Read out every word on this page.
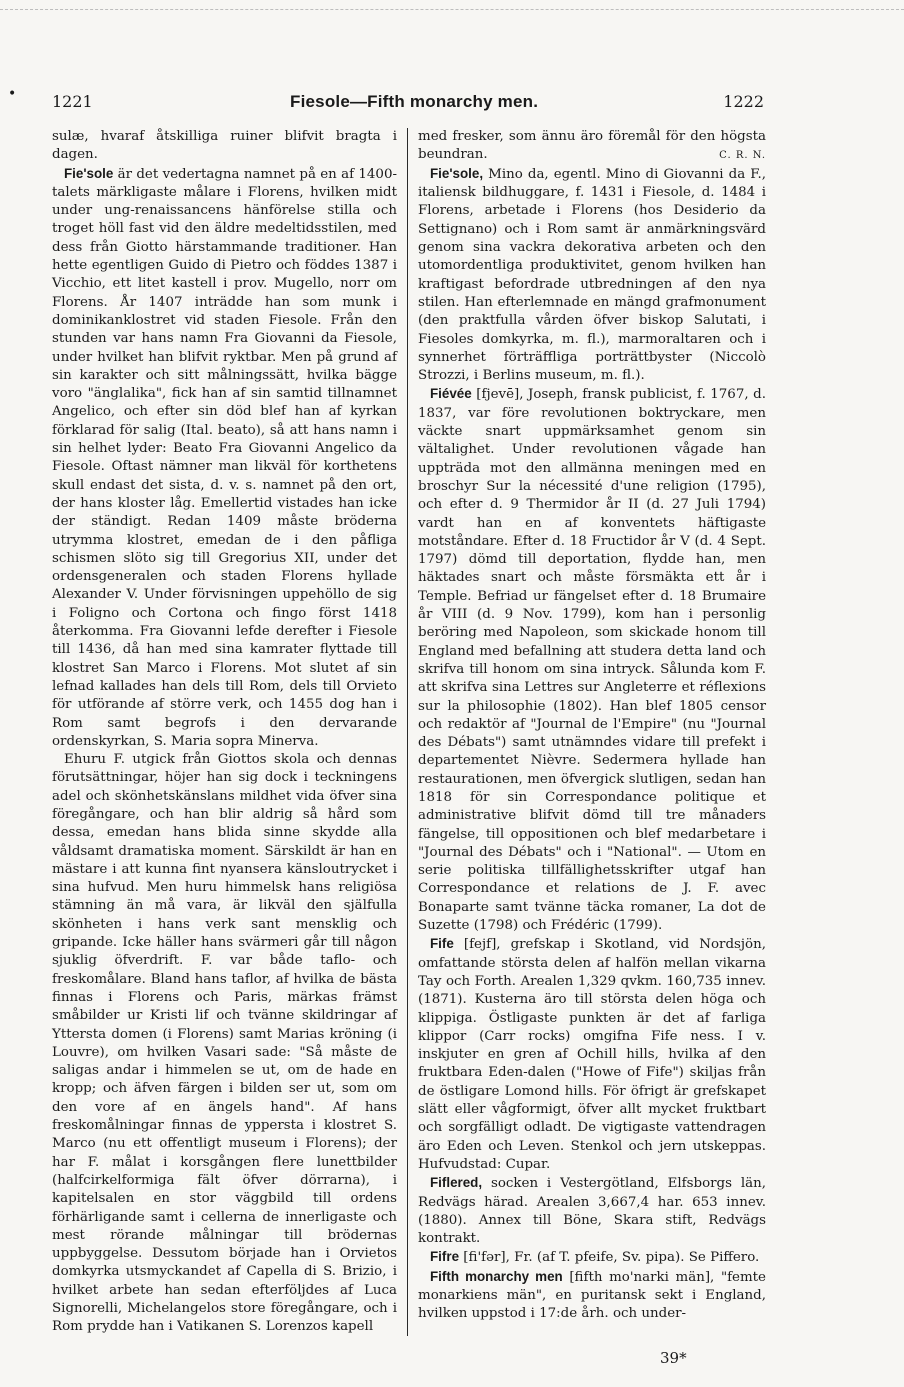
• 1221	Fiesole—Fifth monarchy men.	1222

sulæ, hvaraf åtskilliga ruiner blifvit bragta i dagen.

Fie'sole är det vedertagna namnet på en af 1400-talets märkligaste målare i Florens, hvilken midt under ung-renaissancens hänförelse stilla och troget höll fast vid den äldre medeltidsstilen, med dess från Giotto härstammande traditioner. Han hette egentligen Guido di Pietro och föddes 1387 i Vicchio, ett litet kastell i prov. Mugello, norr om Florens. År 1407 inträdde han som munk i dominikanklostret vid staden Fiesole. Från den stunden var hans namn Fra Giovanni da Fiesole, under hvilket han blifvit ryktbar. Men på grund af sin karakter och sitt målningssätt, hvilka bägge voro "änglalika", fick han af sin samtid tillnamnet Angelico, och efter sin död blef han af kyrkan förklarad för salig (Ital. beato), så att hans namn i sin helhet lyder: Beato Fra Giovanni Angelico da Fiesole. Oftast nämner man likväl för korthetens skull endast det sista, d. v. s. namnet på den ort, der hans kloster låg. Emellertid vistades han icke der ständigt. Redan 1409 måste bröderna utrymma klostret, emedan de i den påfliga schismen slöto sig till Gregorius XII, under det ordensgeneralen och staden Florens hyllade Alexander V. Under förvisningen uppehöllo de sig i Foligno och Cortona och fingo först 1418 återkomma. Fra Giovanni lefde derefter i Fiesole till 1436, då han med sina kamrater flyttade till klostret San Marco i Florens. Mot slutet af sin lefnad kallades han dels till Rom, dels till Orvieto för utförande af större verk, och 1455 dog han i Rom samt begrofs i den dervarande ordenskyrkan, S. Maria sopra Minerva.

Ehuru F. utgick från Giottos skola och dennas förutsättningar, höjer han sig dock i teckningens adel och skönhetskänslans mildhet vida öfver sina föregångare, och han blir aldrig så hård som dessa, emedan hans blida sinne skydde alla våldsamt dramatiska moment. Särskildt är han en mästare i att kunna fint nyansera känsloutrycket i sina hufvud. Men huru himmelsk hans religiösa stämning än må vara, är likväl den själfulla skönheten i hans verk sant mensklig och gripande. Icke häller hans svärmeri går till någon sjuklig öfverdrift. F. var både taflo- och freskomålare. Bland hans taflor, af hvilka de bästa finnas i Florens och Paris, märkas främst småbilder ur Kristi lif och tvänne skildringar af Yttersta domen (i Florens) samt Marias kröning (i Louvre), om hvilken Vasari sade: "Så måste de saligas andar i himmelen se ut, om de hade en kropp; och äfven färgen i bilden ser ut, som om den vore af en ängels hand". Af hans freskomålningar finnas de yppersta i klostret S. Marco (nu ett offentligt museum i Florens); der har F. målat i korsgången flere lunettbilder (halfcirkelformiga fält öfver dörrarna), i kapitelsalen en stor väggbild till ordens förhärligande samt i cellerna de innerligaste och mest rörande målningar till brödernas uppbyggelse. Dessutom började han i Orvietos domkyrka utsmyckandet af Capella di S. Brizio, i hvilket arbete han sedan efterföljdes af Luca Signorelli, Michelangelos store föregångare, och i Rom prydde han i Vatikanen S. Lorenzos kapell

med fresker, som ännu äro föremål för den högsta beundran.	C. R. N.

Fie'sole, Mino da, egentl. Mino di Giovanni da F., italiensk bildhuggare, f. 1431 i Fiesole, d. 1484 i Florens, arbetade i Florens (hos Desiderio da Settignano) och i Rom samt är anmärkningsvärd genom sina vackra dekorativa arbeten och den utomordentliga produktivitet, genom hvilken han kraftigast befordrade utbredningen af den nya stilen. Han efterlemnade en mängd grafmonument (den praktfulla vården öfver biskop Salutati, i Fiesoles domkyrka, m. fl.), marmoraltaren och i synnerhet förträffliga porträttbyster (Niccolò Strozzi, i Berlins museum, m. fl.).

Fiévée [fjevē], Joseph, fransk publicist, f. 1767, d. 1837, var före revolutionen boktryckare, men väckte snart uppmärksamhet genom sin vältalighet. Under revolutionen vågade han uppträda mot den allmänna meningen med en broschyr Sur la nécessité d'une religion (1795), och efter d. 9 Thermidor år II (d. 27 Juli 1794) vardt han en af konventets häftigaste motståndare. Efter d. 18 Fructidor år V (d. 4 Sept. 1797) dömd till deportation, flydde han, men häktades snart och måste försmäkta ett år i Temple. Befriad ur fängelset efter d. 18 Brumaire år VIII (d. 9 Nov. 1799), kom han i personlig beröring med Napoleon, som skickade honom till England med befallning att studera detta land och skrifva till honom om sina intryck. Sålunda kom F. att skrifva sina Lettres sur Angleterre et réflexions sur la philosophie (1802). Han blef 1805 censor och redaktör af "Journal de l'Empire" (nu "Journal des Débats") samt utnämndes vidare till prefekt i departementet Nièvre. Sedermera hyllade han restaurationen, men öfvergick slutligen, sedan han 1818 för sin Correspondance politique et administrative blifvit dömd till tre månaders fängelse, till oppositionen och blef medarbetare i "Journal des Débats" och i "National". — Utom en serie politiska tillfällighetsskrifter utgaf han Correspondance et relations de J. F. avec Bonaparte samt tvänne täcka romaner, La dot de Suzette (1798) och Frédéric (1799).

Fife [fejf], grefskap i Skotland, vid Nordsjön, omfattande största delen af halfön mellan vikarna Tay och Forth. Arealen 1,329 qvkm. 160,735 innev. (1871). Kusterna äro till största delen höga och klippiga. Östligaste punkten är det af farliga klippor (Carr rocks) omgifna Fife ness. I v. inskjuter en gren af Ochill hills, hvilka af den fruktbara Eden-dalen ("Howe of Fife") skiljas från de östligare Lomond hills. För öfrigt är grefskapet slätt eller vågformigt, öfver allt mycket fruktbart och sorgfälligt odladt. De vigtigaste vattendragen äro Eden och Leven. Stenkol och jern utskeppas. Hufvudstad: Cupar.

Fiflered, socken i Vestergötland, Elfsborgs län, Redvägs härad. Arealen 3,667,4 har. 653 innev. (1880). Annex till Böne, Skara stift, Redvägs kontrakt.

Fifre [fi'fər], Fr. (af T. pfeife, Sv. pipa). Se Piffero.

Fifth monarchy men [fifth mo'narki män], "femte monarkiens män", en puritansk sekt i England, hvilken uppstod i 17:de årh. och under-

39*
